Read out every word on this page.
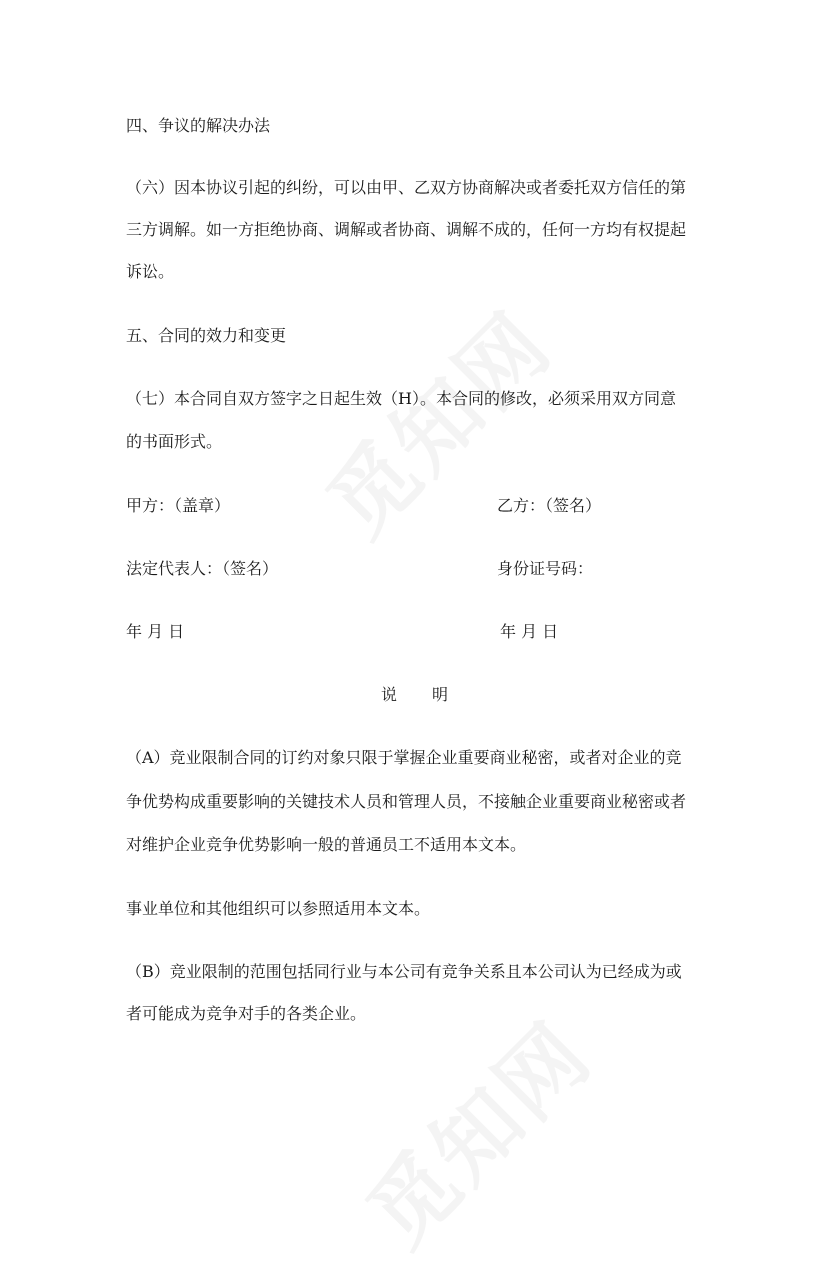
四、争议的解决办法
（六）因本协议引起的纠纷，可以由甲、乙双方协商解决或者委托双方信任的第
三方调解。如一方拒绝协商、调解或者协商、调解不成的，任何一方均有权提起
诉讼。
五、合同的效力和变更
（七）本合同自双方签字之日起生效（H）。本合同的修改，必须采用双方同意
的书面形式。
甲方：（盖章）	乙方：（签名）
法定代表人：（签名）	身份证号码：
年 月 日	年 月 日
说　　明
（A）竞业限制合同的订约对象只限于掌握企业重要商业秘密，或者对企业的竞
争优势构成重要影响的关键技术人员和管理人员，不接触企业重要商业秘密或者
对维护企业竞争优势影响一般的普通员工不适用本文本。
事业单位和其他组织可以参照适用本文本。
（B）竞业限制的范围包括同行业与本公司有竞争关系且本公司认为已经成为或
者可能成为竞争对手的各类企业。
